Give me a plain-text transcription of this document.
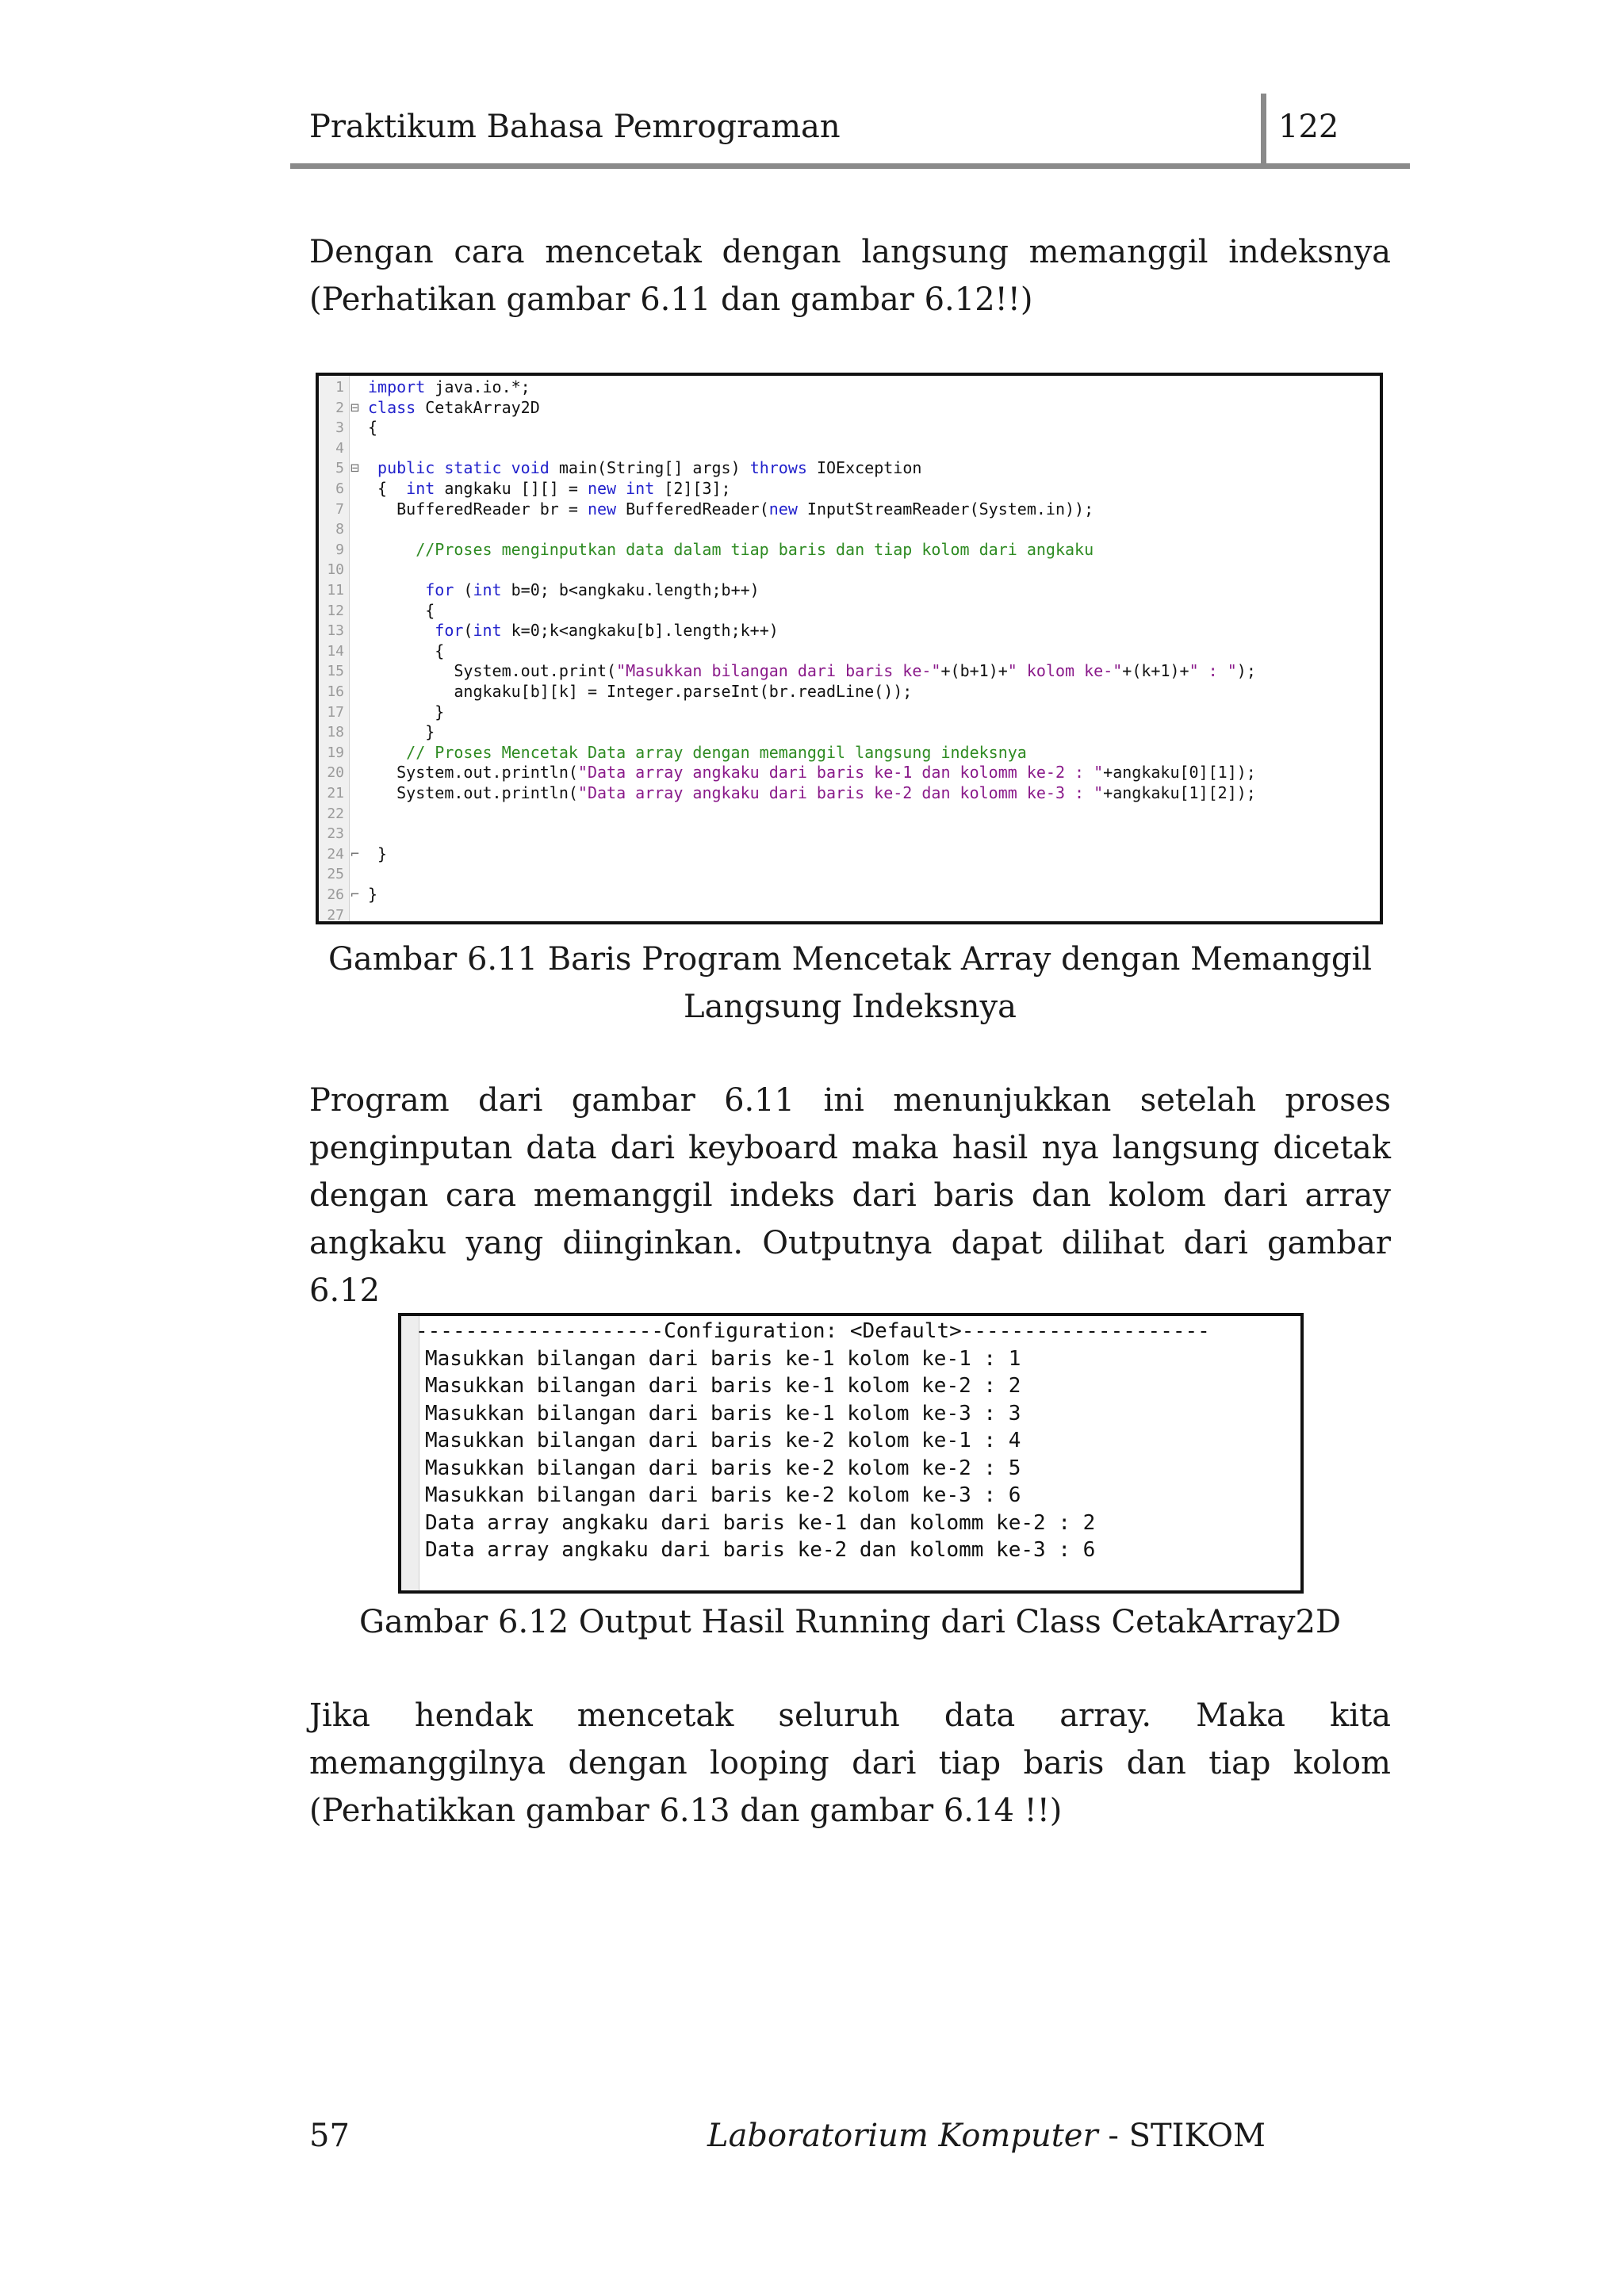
Praktikum Bahasa Pemrograman	122

Dengan cara mencetak dengan langsung memanggil indeksnya (Perhatikan gambar 6.11 dan gambar 6.12!!)

1 import java.io.*;
2 ⊟ class CetakArray2D
3 {
4
5 ⊟	public static void main(String[] args) throws IOException
6 {  int angkaku [][] = new int [2][3];
7 BufferedReader br = new BufferedReader(new InputStreamReader(System.in));
8
9 //Proses menginputkan data dalam tiap baris dan tiap kolom dari angkaku
10
11	for (int b=0; b<angkaku.length;b++)
12 {
13	for(int k=0;k<angkaku[b].length;k++)
14 {
15 System.out.print("Masukkan bilangan dari baris ke-"+(b+1)+" kolom ke-"+(k+1)+" : ");
16 angkaku[b][k] = Integer.parseInt(br.readLine());
17 }
18 }
19 // Proses Mencetak Data array dengan memanggil langsung indeksnya
20 System.out.println("Data array angkaku dari baris ke-1 dan kolomm ke-2 : "+angkaku[0][1]);
21 System.out.println("Data array angkaku dari baris ke-2 dan kolomm ke-3 : "+angkaku[1][2]);
22
23
24 ⌐ }
25
26 ⌐ }
27

Gambar 6.11 Baris Program Mencetak Array dengan Memanggil Langsung Indeksnya

Program dari gambar 6.11 ini menunjukkan setelah proses penginputan data dari keyboard maka hasil nya langsung dicetak dengan cara memanggil indeks dari baris dan kolom dari array angkaku yang diinginkan. Outputnya dapat dilihat dari gambar 6.12

--------------------Configuration: <Default>--------------------
Masukkan bilangan dari baris ke-1 kolom ke-1 : 1
Masukkan bilangan dari baris ke-1 kolom ke-2 : 2
Masukkan bilangan dari baris ke-1 kolom ke-3 : 3
Masukkan bilangan dari baris ke-2 kolom ke-1 : 4
Masukkan bilangan dari baris ke-2 kolom ke-2 : 5
Masukkan bilangan dari baris ke-2 kolom ke-3 : 6
Data array angkaku dari baris ke-1 dan kolomm ke-2 : 2
Data array angkaku dari baris ke-2 dan kolomm ke-3 : 6

Gambar 6.12 Output Hasil Running dari Class CetakArray2D

Jika hendak mencetak seluruh data array. Maka kita memanggilnya dengan looping dari tiap baris dan tiap kolom (Perhatikkan gambar 6.13 dan gambar 6.14 !!)

57	Laboratorium Komputer - STIKOM
